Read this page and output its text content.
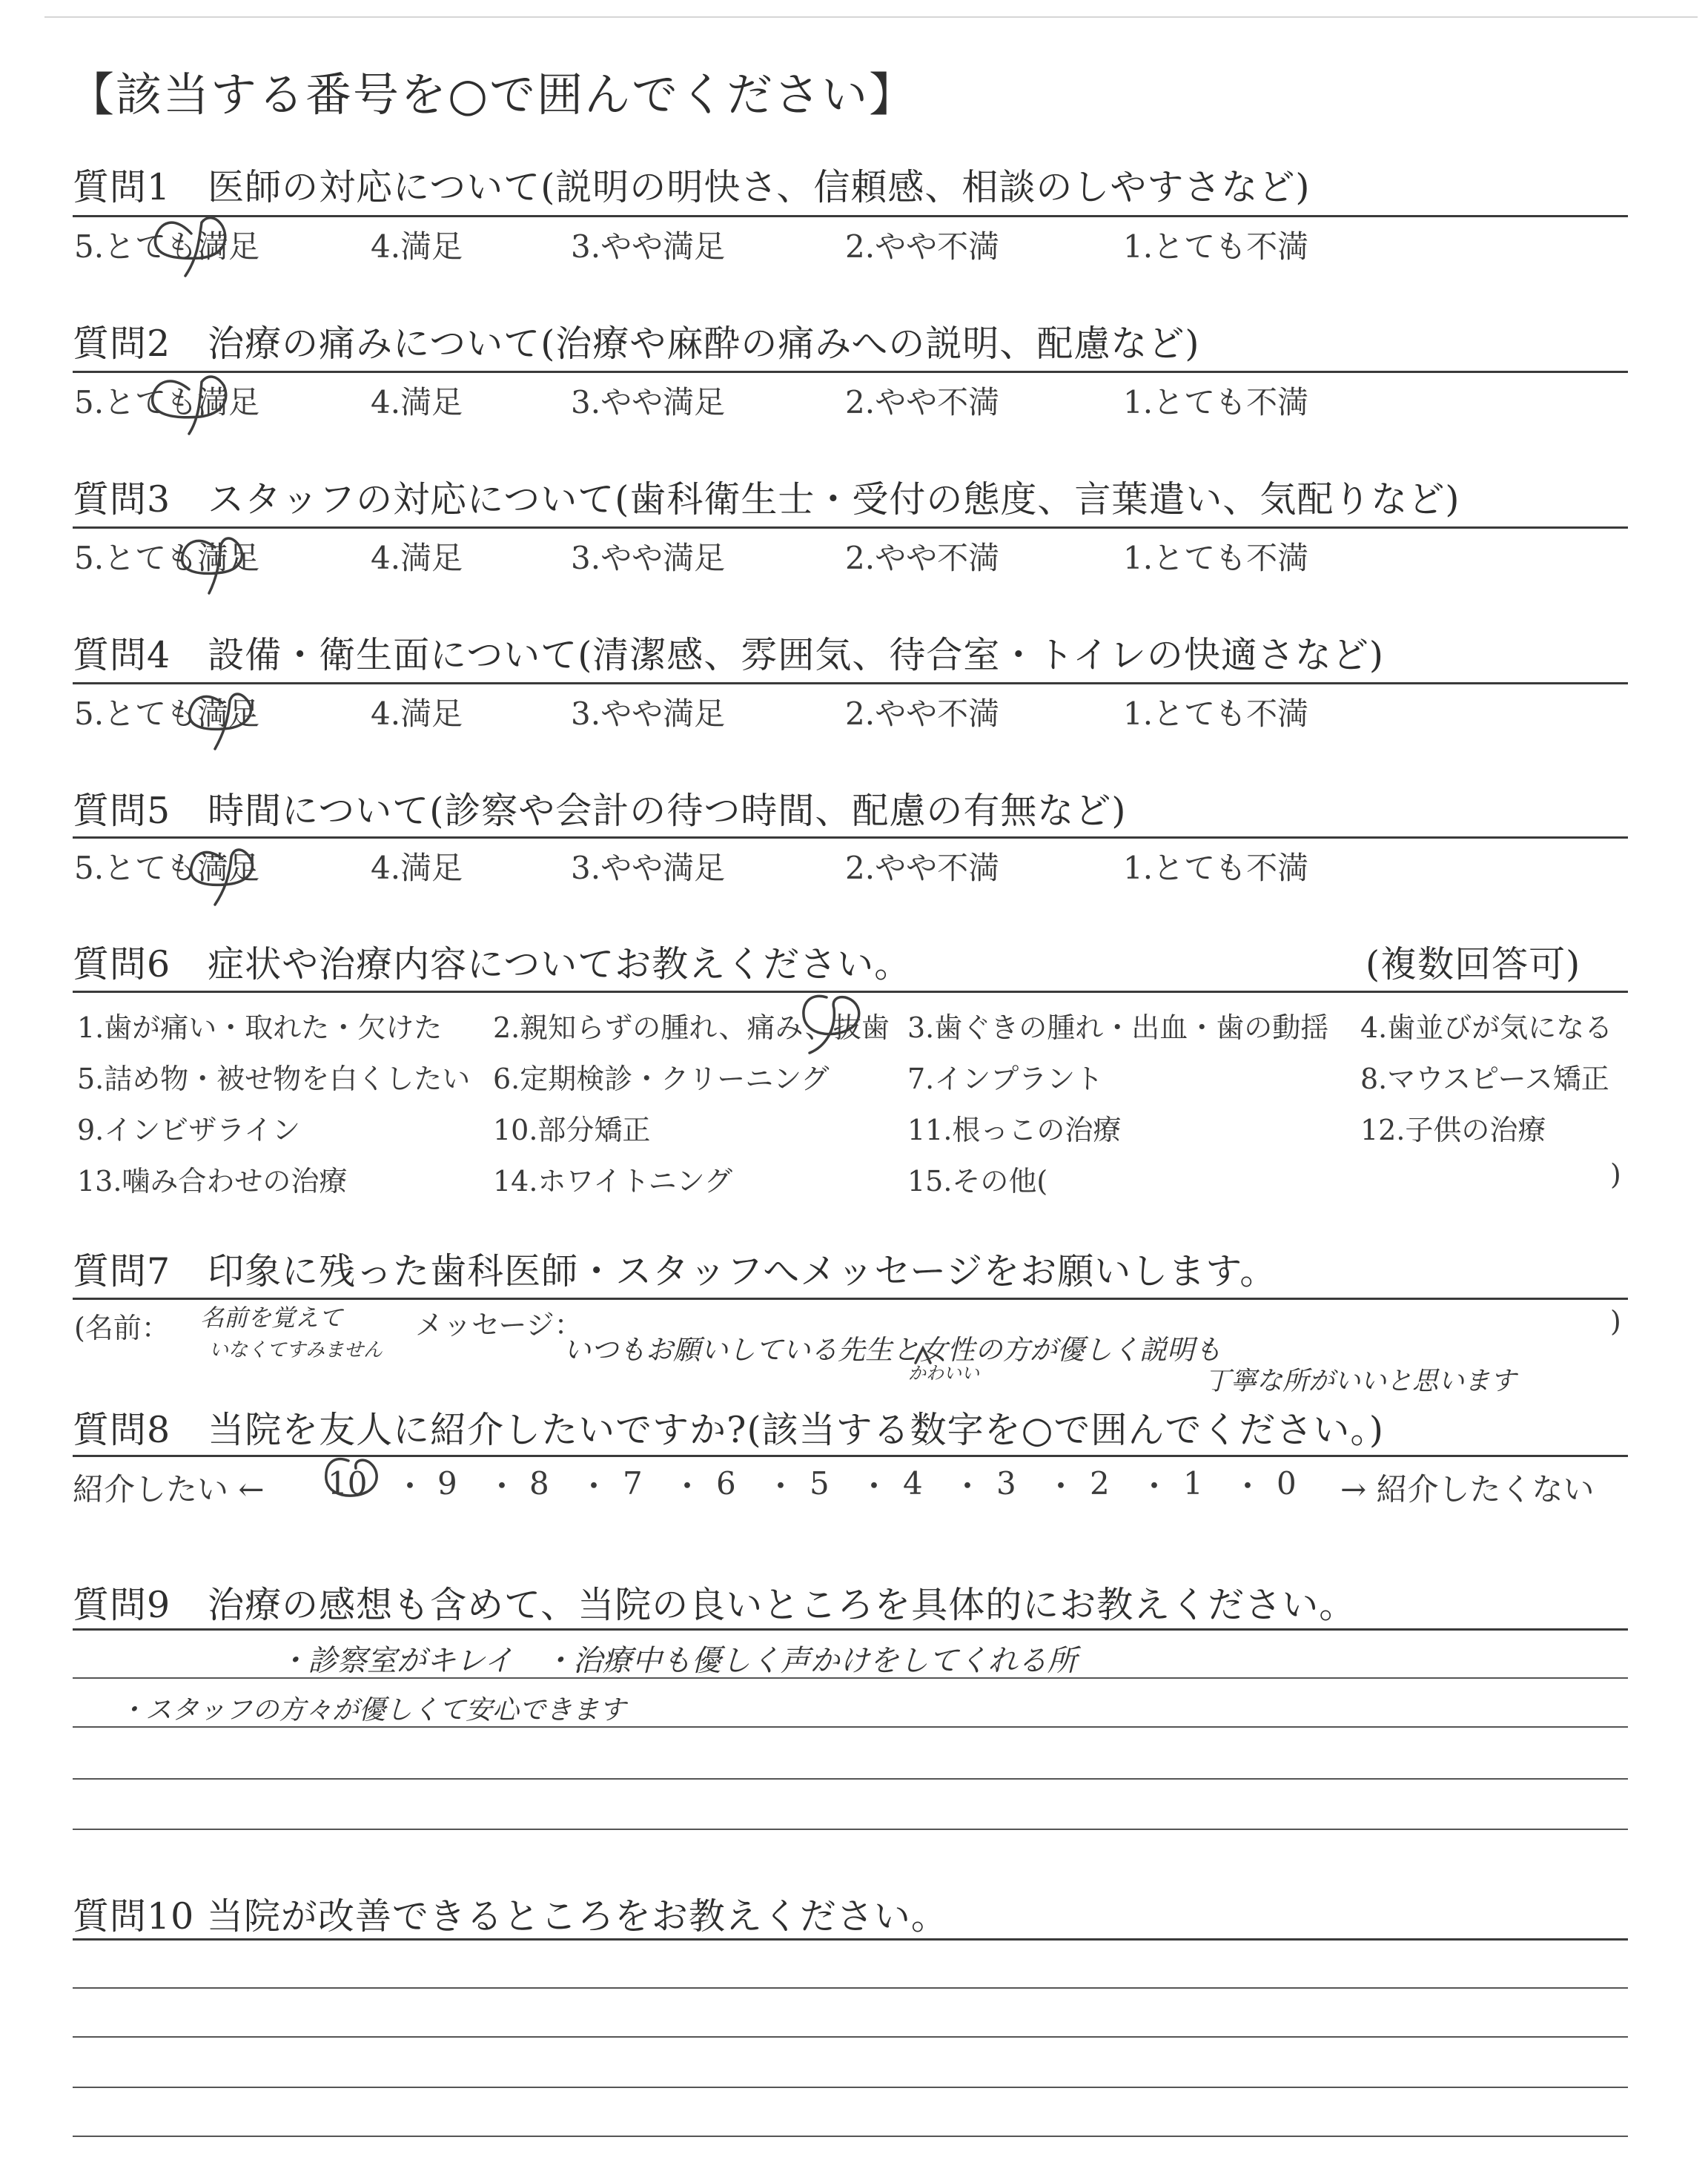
【該当する番号を○で囲んでください】
質問1　医師の対応について(説明の明快さ、信頼感、相談のしやすさなど)
5.とても満足	4.満足	3.やや満足	2.やや不満	1.とても不満
質問2　治療の痛みについて(治療や麻酔の痛みへの説明、配慮など)
5.とても満足	4.満足	3.やや満足	2.やや不満	1.とても不満
質問3　スタッフの対応について(歯科衛生士・受付の態度、言葉遣い、気配りなど)
5.とても満足	4.満足	3.やや満足	2.やや不満	1.とても不満
質問4　設備・衛生面について(清潔感、雰囲気、待合室・トイレの快適さなど)
5.とても満足	4.満足	3.やや満足	2.やや不満	1.とても不満
質問5　時間について(診察や会計の待つ時間、配慮の有無など)
5.とても満足	4.満足	3.やや満足	2.やや不満	1.とても不満
質問6　症状や治療内容についてお教えください。	(複数回答可)
1.歯が痛い・取れた・欠けた 2.親知らずの腫れ、痛み、抜歯 3.歯ぐきの腫れ・出血・歯の動揺 4.歯並びが気になる
5.詰め物・被せ物を白くしたい 6.定期検診・クリーニング	7.インプラント	8.マウスピース矯正
9.インビザライン	10.部分矯正	11.根っこの治療	12.子供の治療
13.噛み合わせの治療	14.ホワイトニング	15.その他(	)
質問7　印象に残った歯科医師・スタッフへメッセージをお願いします。
(名前：	メッセージ：	)
名前を覚えて
いなくてすみません	いつもお願いしている先生と女性の方が優しく説明も
かわいい	丁寧な所がいいと思います
質問8　当院を友人に紹介したいですか?(該当する数字を○で囲んでください。)
紹介したい ← 10 ・ 9 ・ 8 ・ 7 ・ 6 ・ 5 ・ 4 ・ 3 ・ 2 ・ 1 ・ 0 → 紹介したくない
質問9　治療の感想も含めて、当院の良いところを具体的にお教えください。
・診察室がキレイ　・治療中も優しく声かけをしてくれる所
・スタッフの方々が優しくて安心できます
質問10 当院が改善できるところをお教えください。
